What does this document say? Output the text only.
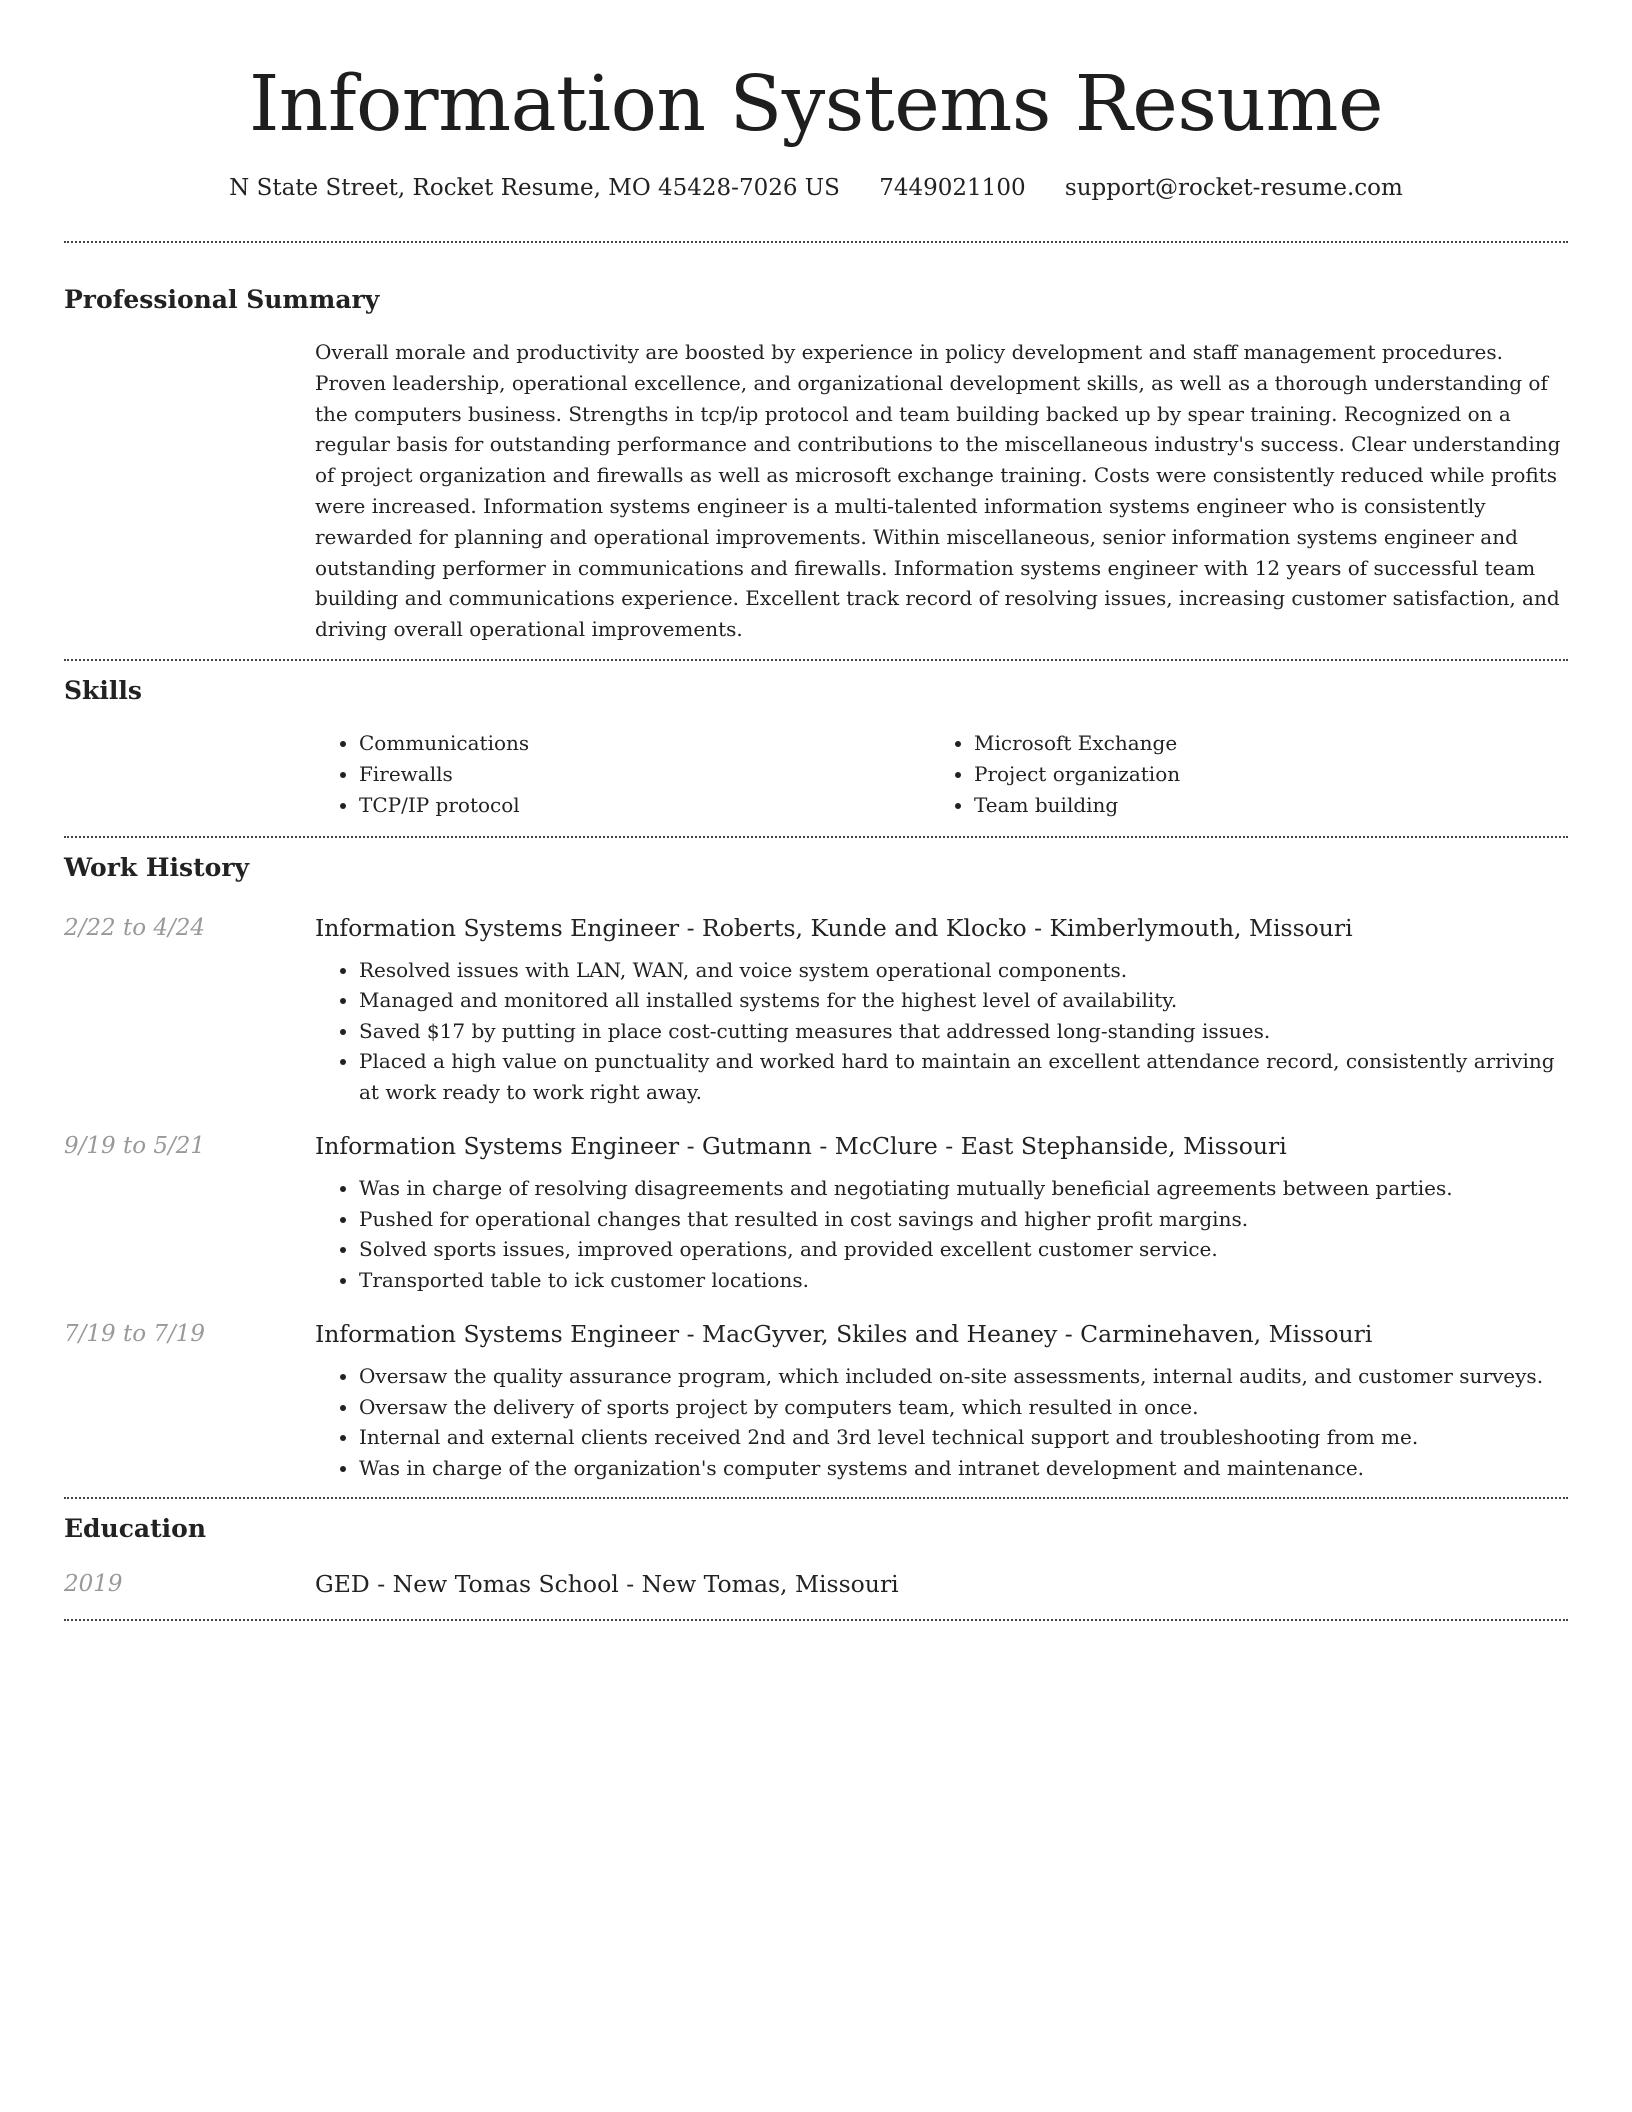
Information Systems Resume
N State Street, Rocket Resume, MO 45428-7026 US 7449021100 support@rocket-resume.com
Professional Summary

Overall morale and productivity are boosted by experience in policy development and staff management procedures. Proven leadership, operational excellence, and organizational development skills, as well as a thorough understanding of the computers business. Strengths in tcp/ip protocol and team building backed up by spear training. Recognized on a regular basis for outstanding performance and contributions to the miscellaneous industry's success. Clear understanding of project organization and firewalls as well as microsoft exchange training. Costs were consistently reduced while profits were increased. Information systems engineer is a multi-talented information systems engineer who is consistently rewarded for planning and operational improvements. Within miscellaneous, senior information systems engineer and outstanding performer in communications and firewalls. Information systems engineer with 12 years of successful team building and communications experience. Excellent track record of resolving issues, increasing customer satisfaction, and driving overall operational improvements.

Skills
• Communications
• Firewalls
• TCP/IP protocol
• Microsoft Exchange
• Project organization
• Team building
Work History
2/22 to 4/24	Information Systems Engineer - Roberts, Kunde and Klocko - Kimberlymouth, Missouri
• Resolved issues with LAN, WAN, and voice system operational components.
• Managed and monitored all installed systems for the highest level of availability.
• Saved $17 by putting in place cost-cutting measures that addressed long-standing issues.
• Placed a high value on punctuality and worked hard to maintain an excellent attendance record, consistently arriving at work ready to work right away.
9/19 to 5/21	Information Systems Engineer - Gutmann - McClure - East Stephanside, Missouri
• Was in charge of resolving disagreements and negotiating mutually beneficial agreements between parties.
• Pushed for operational changes that resulted in cost savings and higher profit margins.
• Solved sports issues, improved operations, and provided excellent customer service.
• Transported table to ick customer locations.
7/19 to 7/19	Information Systems Engineer - MacGyver, Skiles and Heaney - Carminehaven, Missouri
• Oversaw the quality assurance program, which included on-site assessments, internal audits, and customer surveys.
• Oversaw the delivery of sports project by computers team, which resulted in once.
• Internal and external clients received 2nd and 3rd level technical support and troubleshooting from me.
• Was in charge of the organization's computer systems and intranet development and maintenance.
Education
2019	GED - New Tomas School - New Tomas, Missouri
